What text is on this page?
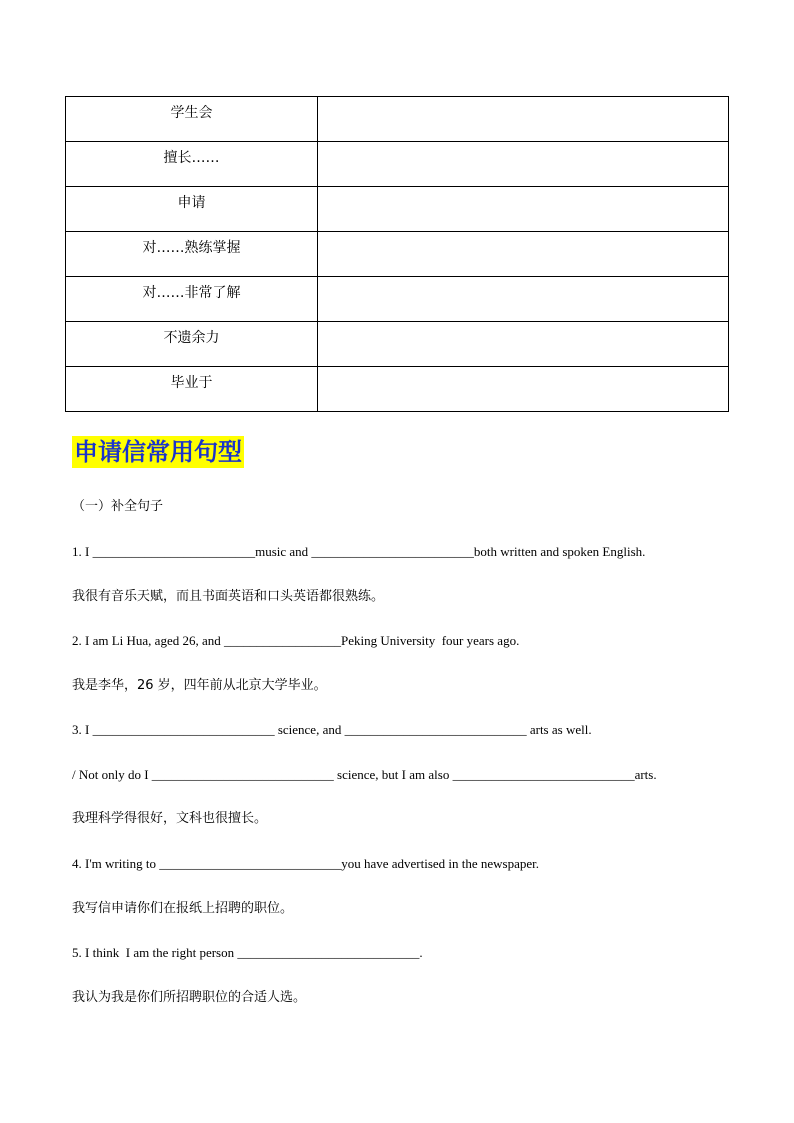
学生会	
擅长……	
申请	
对……熟练掌握	
对……非常了解	
不遗余力	
毕业于	
申请信常用句型
（一）补全句子
1. I _________________________music and _________________________both written and spoken English.
我很有音乐天赋，而且书面英语和口头英语都很熟练。
2. I am Li Hua, aged 26, and __________________Peking University  four years ago.
我是李华，26 岁，四年前从北京大学毕业。
3. I ____________________________ science, and ____________________________ arts as well.
/ Not only do I ____________________________ science, but I am also ____________________________arts.
我理科学得很好，文科也很擅长。
4. I'm writing to ____________________________you have advertised in the newspaper.
我写信申请你们在报纸上招聘的职位。
5. I think  I am the right person ____________________________.
我认为我是你们所招聘职位的合适人选。
